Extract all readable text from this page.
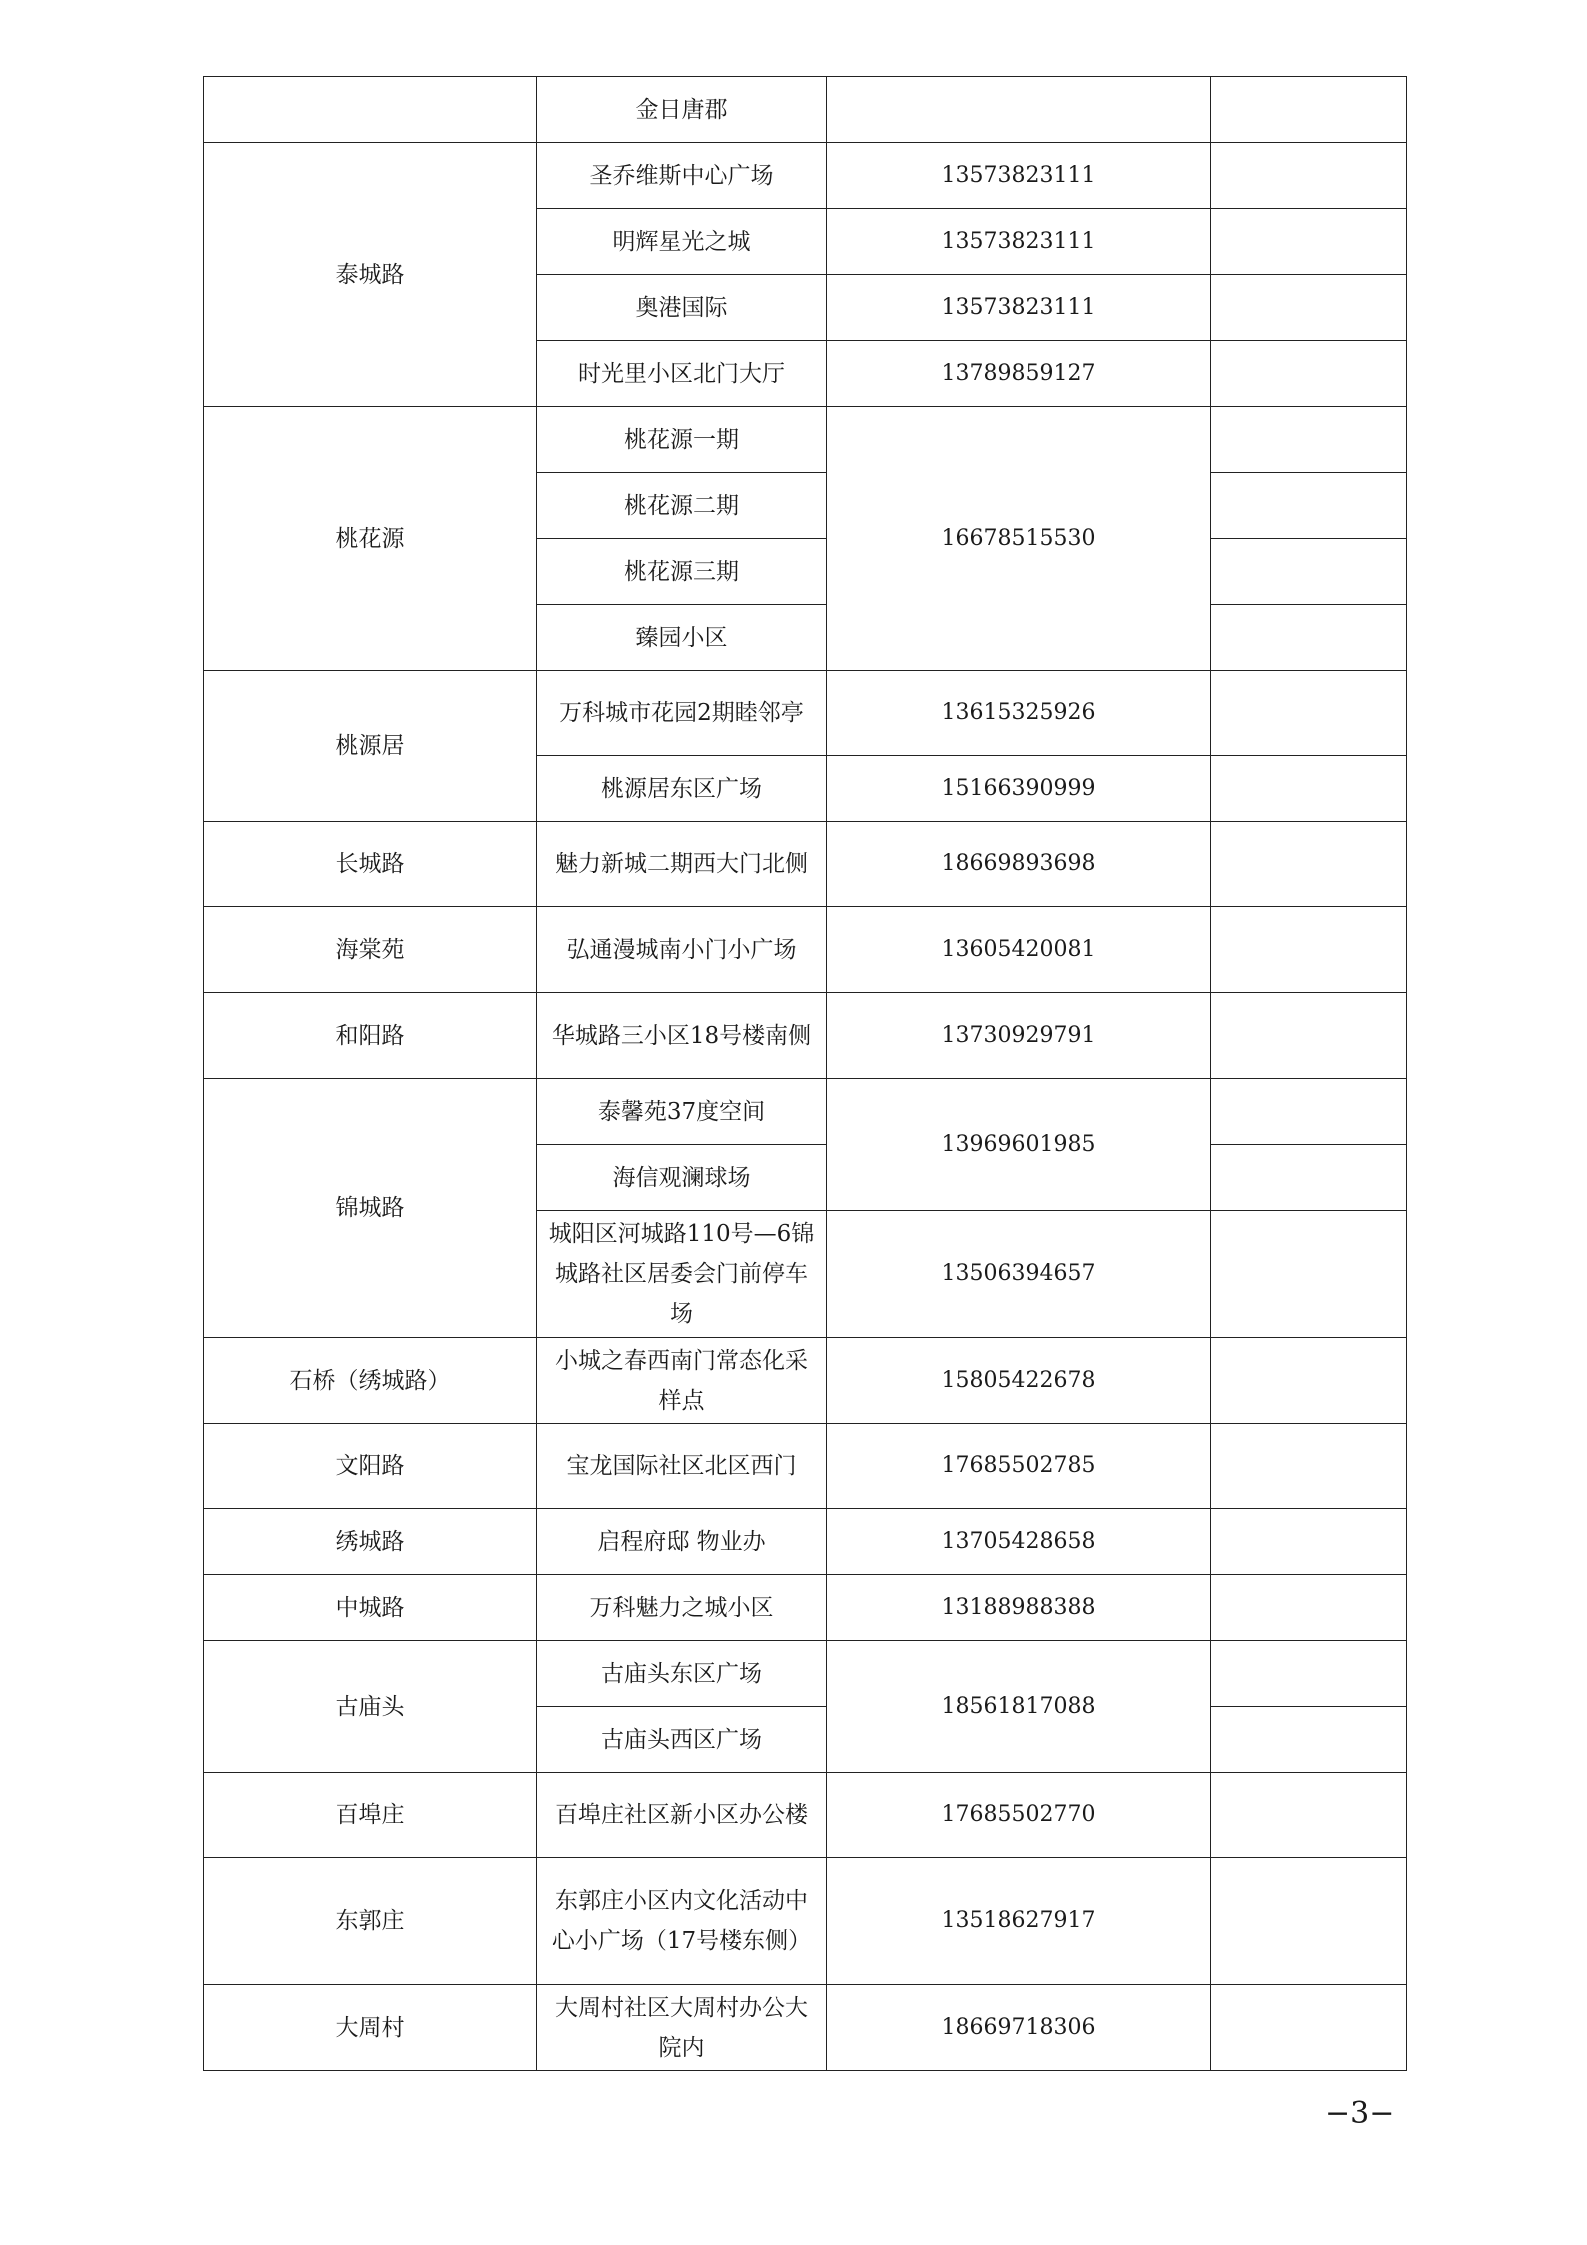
	金日唐郡		
泰城路	圣乔维斯中心广场	13573823111	
	明辉星光之城	13573823111	
	奥港国际	13573823111	
	时光里小区北门大厅	13789859127	
桃花源	桃花源一期	16678515530	
	桃花源二期		
	桃花源三期		
	臻园小区		
桃源居	万科城市花园2期睦邻亭	13615325926	
	桃源居东区广场	15166390999	
长城路	魅力新城二期西大门北侧	18669893698	
海棠苑	弘通漫城南小门小广场	13605420081	
和阳路	华城路三小区18号楼南侧	13730929791	
锦城路	泰馨苑37度空间	13969601985	
	海信观澜球场		
	城阳区河城路110号—6锦城路社区居委会门前停车场	13506394657	
石桥（绣城路）	小城之春西南门常态化采样点	15805422678	
文阳路	宝龙国际社区北区西门	17685502785	
绣城路	启程府邸 物业办	13705428658	
中城路	万科魅力之城小区	13188988388	
古庙头	古庙头东区广场	18561817088	
	古庙头西区广场		
百埠庄	百埠庄社区新小区办公楼	17685502770	
东郭庄	东郭庄小区内文化活动中心小广场（17号楼东侧）	13518627917	
大周村	大周村社区大周村办公大院内	18669718306	
−3−
